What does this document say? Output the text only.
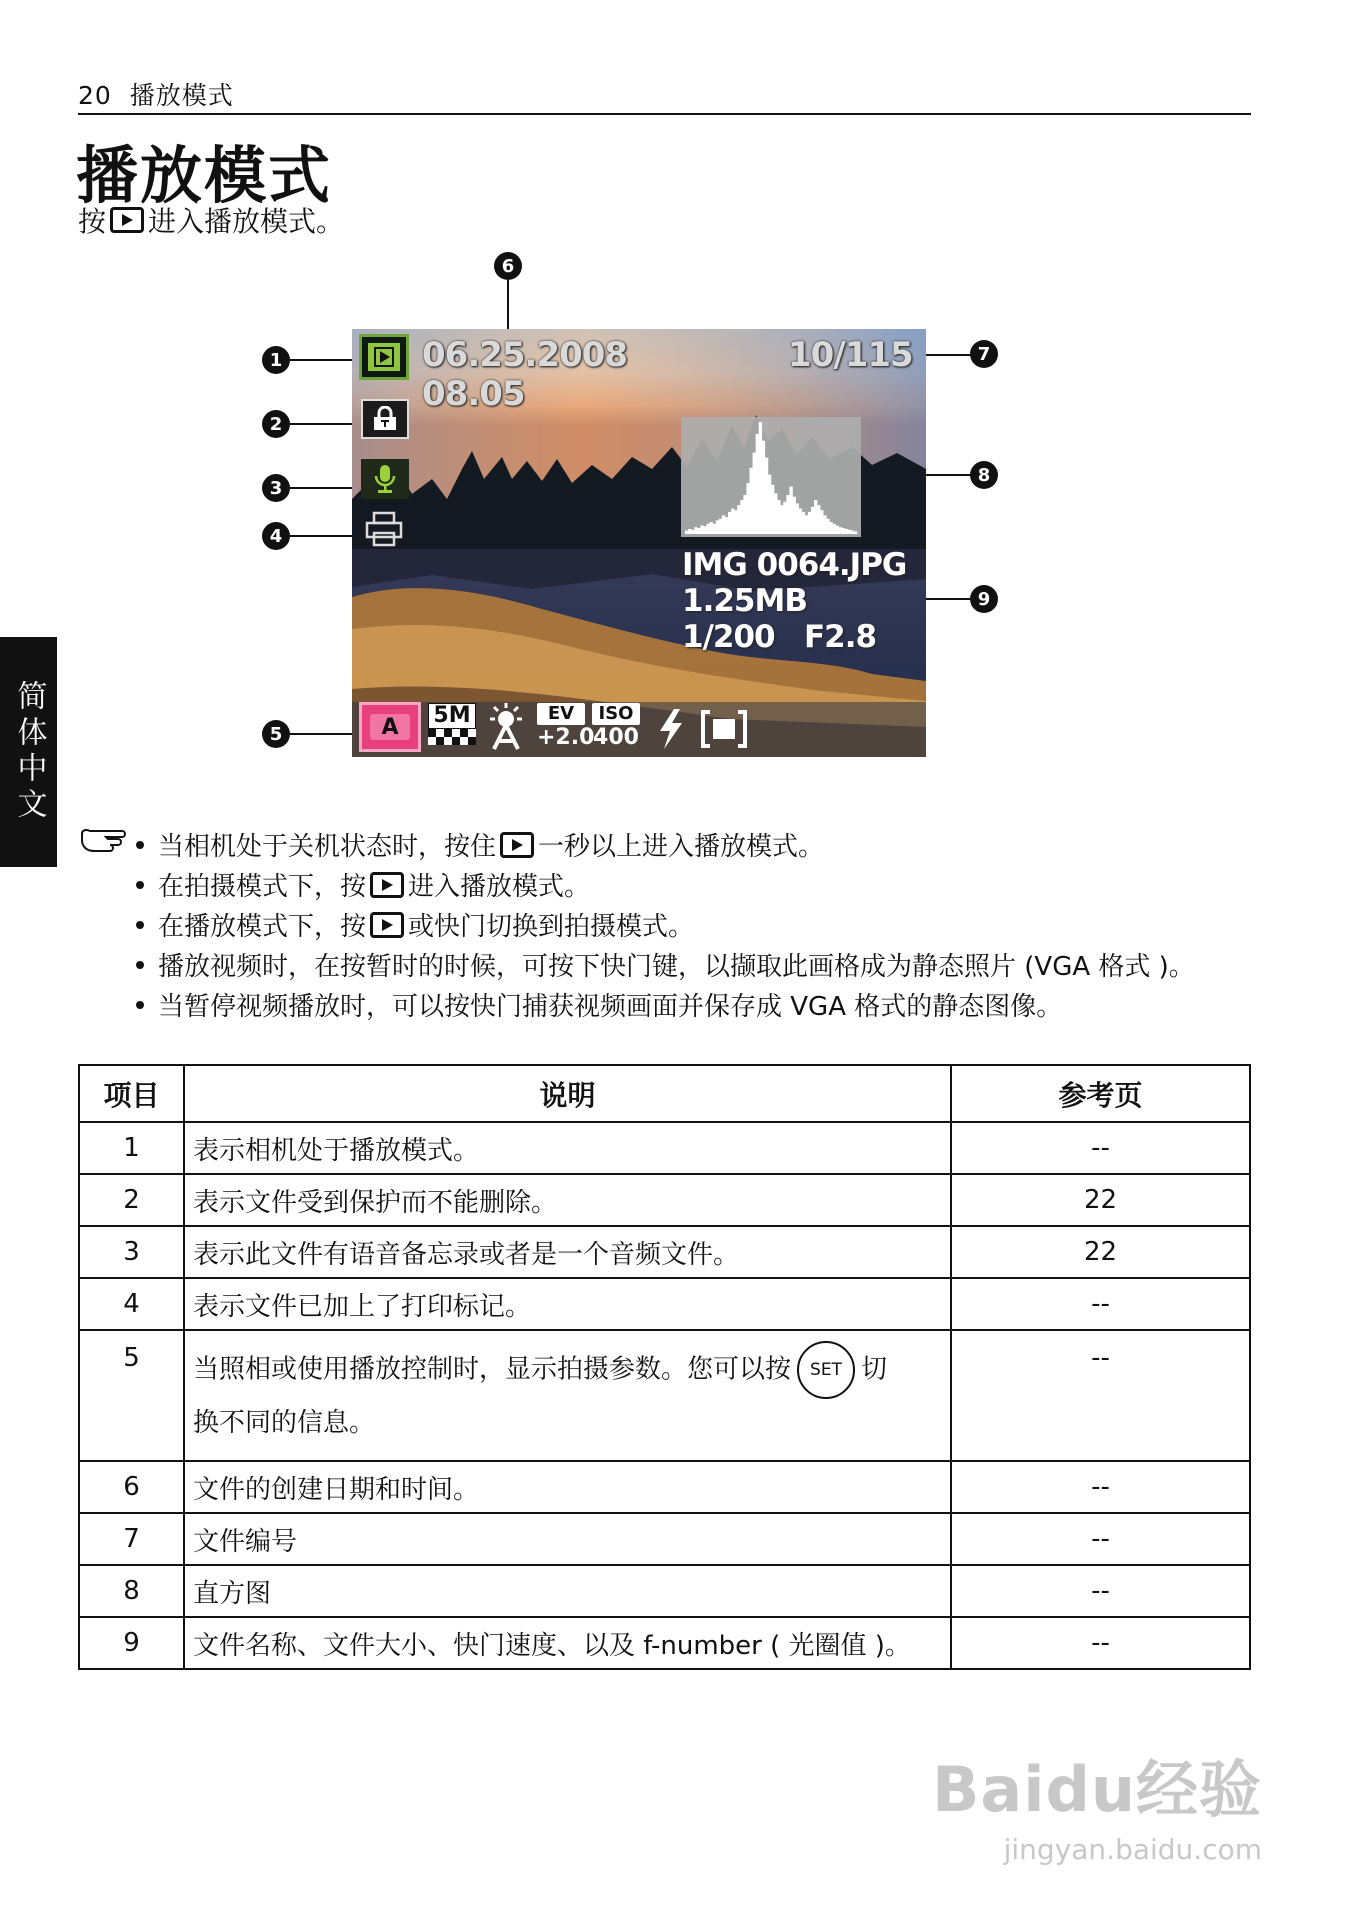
20 播放模式
播放模式
按 进入播放模式。
简体中文
6
1
2
3
4
5
7
8
9
06.25.2008
08.05
10/115
IMG 0064.JPG
1.25MB
1/200   F2.8
A	5M	EV
+2.0
ISO
400
当相机处于关机状态时，按住 一秒以上进入播放模式。
在拍摄模式下，按 进入播放模式。
在播放模式下，按 或快门切换到拍摄模式。
播放视频时，在按暂时的时候，可按下快门键，以撷取此画格成为静态照片 (VGA 格式 )。
当暂停视频播放时，可以按快门捕获视频画面并保存成 VGA 格式的静态图像。
项目	说明	参考页
1	表示相机处于播放模式。	--
2	表示文件受到保护而不能删除。	22
3	表示此文件有语音备忘录或者是一个音频文件。	22
4	表示文件已加上了打印标记。	--
5	当照相或使用播放控制时，显示拍摄参数。您可以按 SET 切
换不同的信息。	--
6	文件的创建日期和时间。	--
7	文件编号	--
8	直方图	--
9	文件名称、文件大小、快门速度、以及 f-number ( 光圈值 )。	--
Baidu经验
jingyan.baidu.com
